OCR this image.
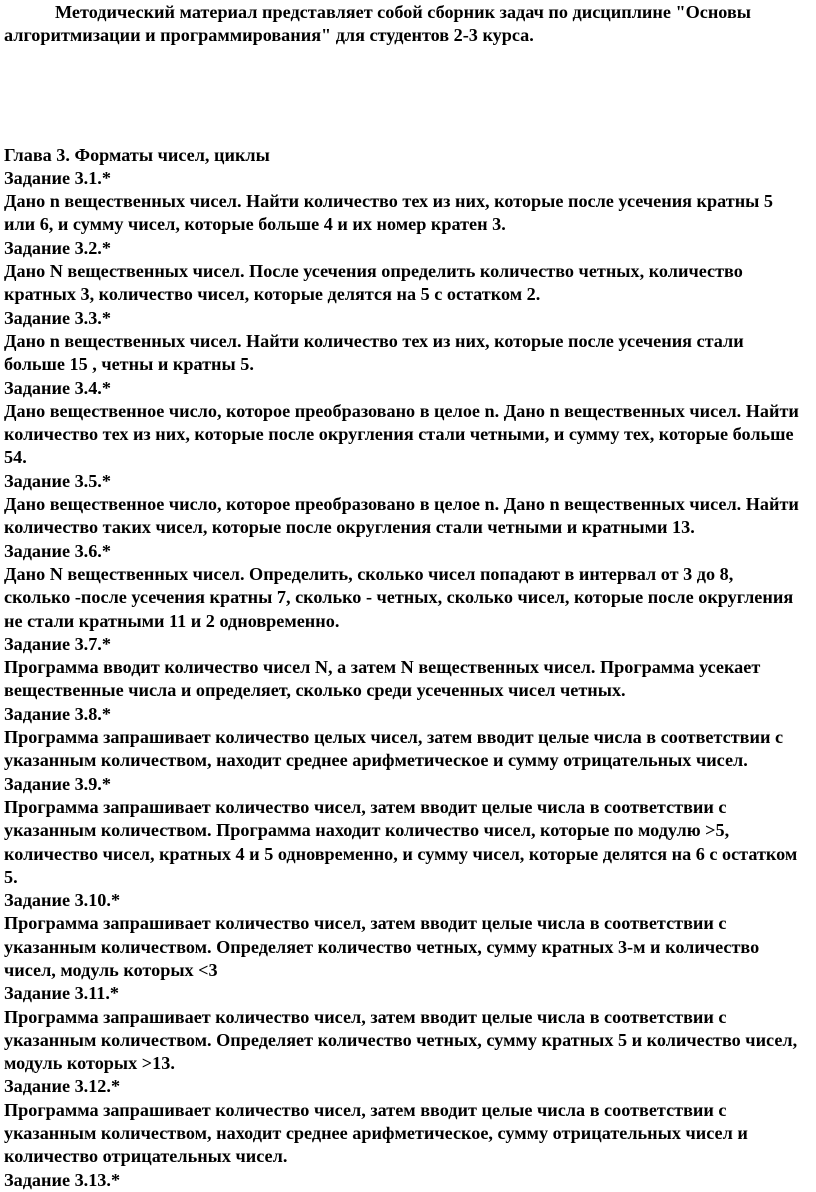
Методический материал представляет собой сборник задач по дисциплине "Основы алгоритмизации и программирования" для студентов 2-3 курса.

Глава 3. Форматы чисел, циклы

Задание 3.1.*
Дано n вещественных чисел. Найти количество тех из них, которые после усечения кратны 5 или 6, и сумму чисел, которые больше 4 и их номер кратен 3.
Задание 3.2.*
Дано N вещественных чисел. После усечения определить количество четных, количество кратных 3, количество чисел, которые делятся на 5 с остатком 2.
Задание 3.3.*
Дано n вещественных чисел. Найти количество тех из них, которые после усечения стали больше 15 , четны и кратны 5.
Задание 3.4.*
Дано вещественное число, которое преобразовано в целое n. Дано n вещественных чисел. Найти количество тех из них, которые после округления стали четными, и сумму тех, которые больше 54.
Задание 3.5.*
Дано вещественное число, которое преобразовано в целое n. Дано n вещественных чисел. Найти количество таких чисел, которые после округления стали четными и кратными 13.
Задание 3.6.*
Дано N вещественных чисел. Определить, сколько чисел попадают в интервал от 3 до 8, сколько -после усечения кратны 7, сколько - четных, сколько чисел, которые после округления не стали кратными 11 и 2 одновременно.
Задание 3.7.*
Программа вводит количество чисел N, а затем N вещественных чисел. Программа усекает вещественные числа и определяет, сколько среди усеченных чисел четных.
Задание 3.8.*
Программа запрашивает количество целых чисел, затем вводит целые числа в соответствии с указанным количеством, находит среднее арифметическое и сумму отрицательных чисел.
Задание 3.9.*
Программа запрашивает количество чисел, затем вводит целые числа в соответствии с указанным количеством. Программа находит количество чисел, которые по модулю >5, количество чисел, кратных 4 и 5 одновременно, и сумму чисел, которые делятся на 6 с остатком 5.
Задание 3.10.*
Программа запрашивает количество чисел, затем вводит целые числа в соответствии с указанным количеством. Определяет количество четных, сумму кратных 3-м и количество чисел, модуль которых <3
Задание 3.11.*
Программа запрашивает количество чисел, затем вводит целые числа в соответствии с указанным количеством. Определяет количество четных, сумму кратных 5 и количество чисел, модуль которых >13.
Задание 3.12.*
Программа запрашивает количество чисел, затем вводит целые числа в соответствии с указанным количеством, находит среднее арифметическое, сумму отрицательных чисел и количество отрицательных чисел.
Задание 3.13.*
